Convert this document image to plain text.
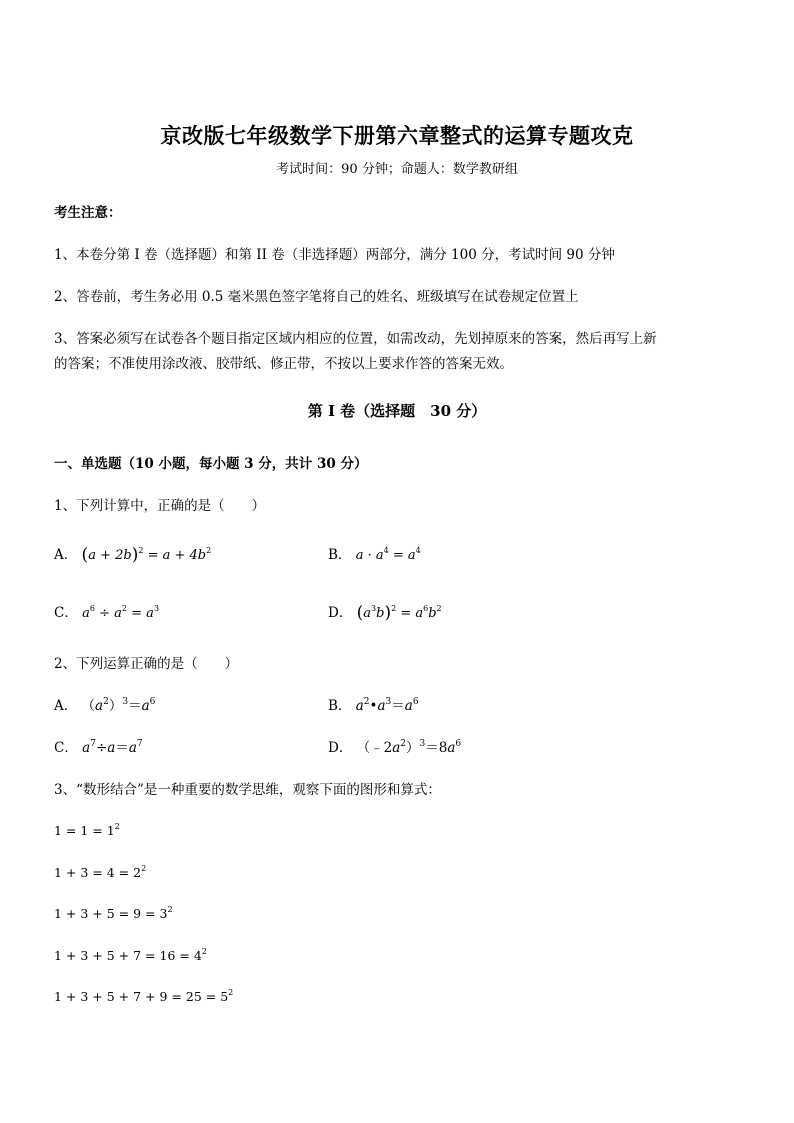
京改版七年级数学下册第六章整式的运算专题攻克
考试时间：90 分钟；命题人：数学教研组
考生注意：
1、本卷分第 I 卷（选择题）和第 II 卷（非选择题）两部分，满分 100 分，考试时间 90 分钟
2、答卷前，考生务必用 0.5 毫米黑色签字笔将自己的姓名、班级填写在试卷规定位置上
3、答案必须写在试卷各个题目指定区域内相应的位置，如需改动，先划掉原来的答案，然后再写上新
的答案；不准使用涂改液、胶带纸、修正带，不按以上要求作答的答案无效。
第 I 卷（选择题　30 分）
一、单选题（10 小题，每小题 3 分，共计 30 分）
1、下列计算中，正确的是（　　）
A． $(a + 2b)^2 = a + 4b^2$	B． $a \cdot a^4 = a^4$
C． $a^6 \div a^2 = a^3$	D． $(a^3b)^2 = a^6b^2$
2、下列运算正确的是（　　）
A． $(a^2)^3=a^6$	B． $a^2•a^3=a^6$
C． $a^7\div a=a^7$	D． $(﹣2a^2)^3=8a^6$
3、“数形结合”是一种重要的数学思维，观察下面的图形和算式：
$1 = 1 = 1^2$
$1 + 3 = 4 = 2^2$
$1 + 3 + 5 = 9 = 3^2$
$1 + 3 + 5 + 7 = 16 = 4^2$
$1 + 3 + 5 + 7 + 9 = 25 = 5^2$
